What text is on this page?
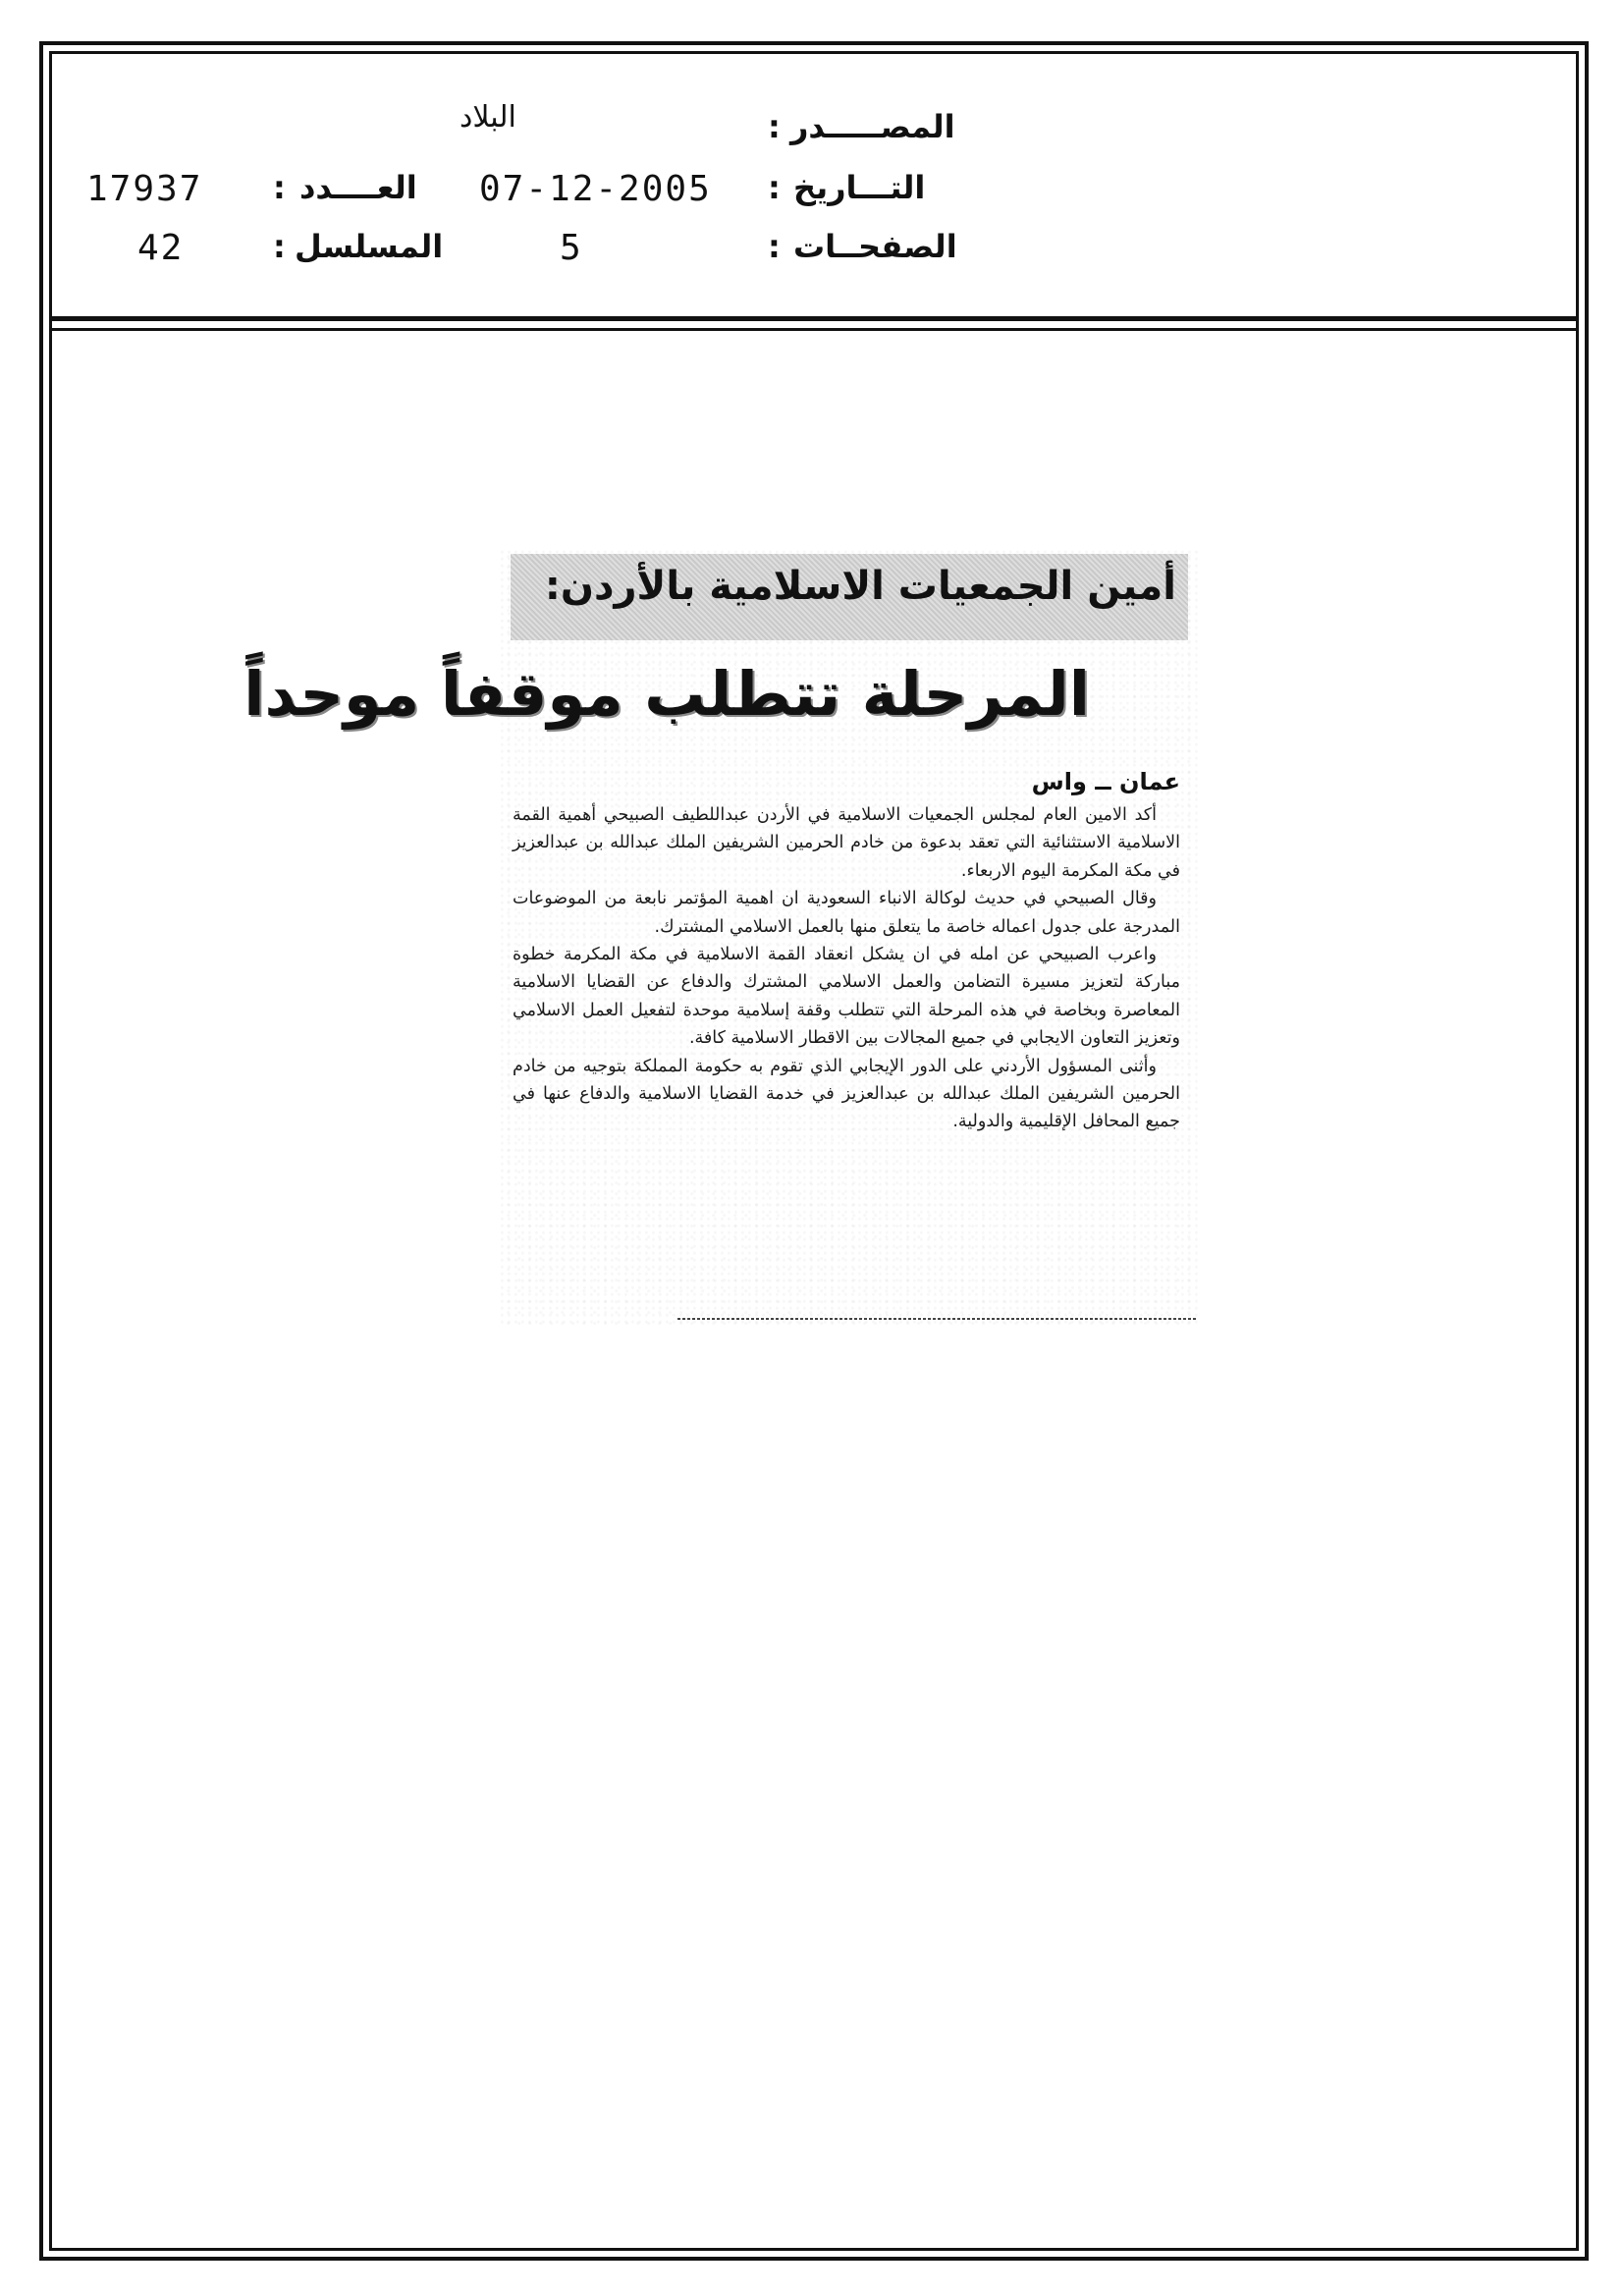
المصـــــدر
:
البلاد
التـــاريخ
:
07-12-2005
العــــدد
:
17937
الصفحــات
:
5
المسلسل
:
42
أمين الجمعيات الاسلامية بالأردن:
المرحلة تتطلب موقفاً موحداً
عمان ــ واس

أكد الامين العام لمجلس الجمعيات الاسلامية في الأردن عبداللطيف الصبيحي أهمية القمة الاسلامية الاستثنائية التي تعقد بدعوة من خادم الحرمين الشريفين الملك عبدالله بن عبدالعزيز في مكة المكرمة اليوم الاربعاء.

وقال الصبيحي في حديث لوكالة الانباء السعودية ان اهمية المؤتمر نابعة من الموضوعات المدرجة على جدول اعماله خاصة ما يتعلق منها بالعمل الاسلامي المشترك.

واعرب الصبيحي عن امله في ان يشكل انعقاد القمة الاسلامية في مكة المكرمة خطوة مباركة لتعزيز مسيرة التضامن والعمل الاسلامي المشترك والدفاع عن القضايا الاسلامية المعاصرة وبخاصة في هذه المرحلة التي تتطلب وقفة إسلامية موحدة لتفعيل العمل الاسلامي وتعزيز التعاون الايجابي في جميع المجالات بين الاقطار الاسلامية كافة.

وأثنى المسؤول الأردني على الدور الإيجابي الذي تقوم به حكومة المملكة بتوجيه من خادم الحرمين الشريفين الملك عبدالله بن عبدالعزيز في خدمة القضايا الاسلامية والدفاع عنها في جميع المحافل الإقليمية والدولية.
